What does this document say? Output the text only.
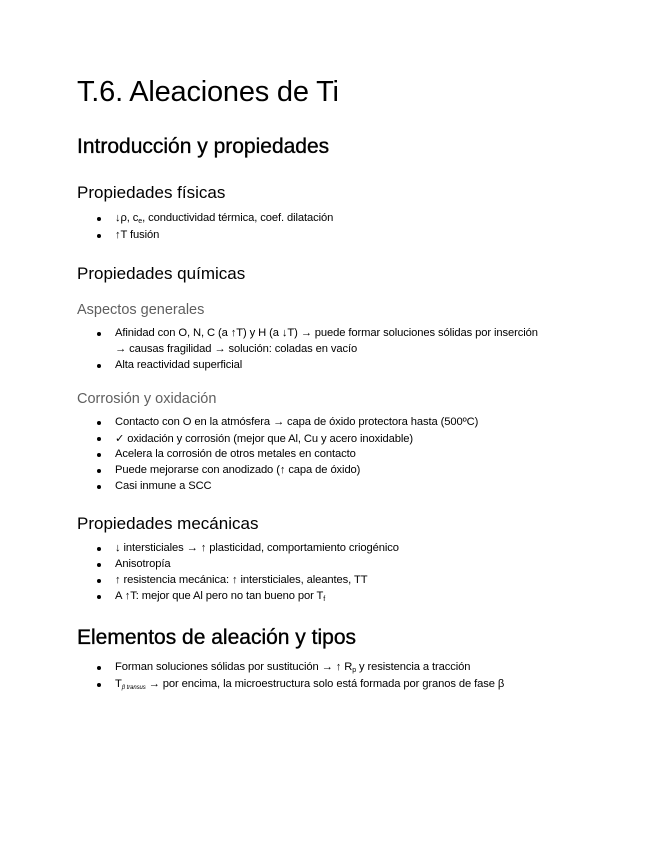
T.6. Aleaciones de Ti
Introducción y propiedades
Propiedades físicas
↓ρ, $c_e$, conductividad térmica, coef. dilatación
↑T fusión
Propiedades químicas
Aspectos generales
Afinidad con O, N, C (a ↑T) y H (a ↓T) → puede formar soluciones sólidas por inserción
→ causas fragilidad → solución: coladas en vacío
Alta reactividad superficial
Corrosión y oxidación
Contacto con O en la atmósfera → capa de óxido protectora hasta (500ºC)
✓ oxidación y corrosión (mejor que Al, Cu y acero inoxidable)
Acelera la corrosión de otros metales en contacto
Puede mejorarse con anodizado (↑ capa de óxido)
Casi inmune a SCC
Propiedades mecánicas
↓ intersticiales → ↑ plasticidad, comportamiento criogénico
Anisotropía
↑ resistencia mecánica: ↑ intersticiales, aleantes, TT
A ↑T: mejor que Al pero no tan bueno por $T_f$
Elementos de aleación y tipos
Forman soluciones sólidas por sustitución → ↑ $R_p$ y resistencia a tracción
$T_{\beta transus}$ → por encima, la microestructura solo está formada por granos de fase β
